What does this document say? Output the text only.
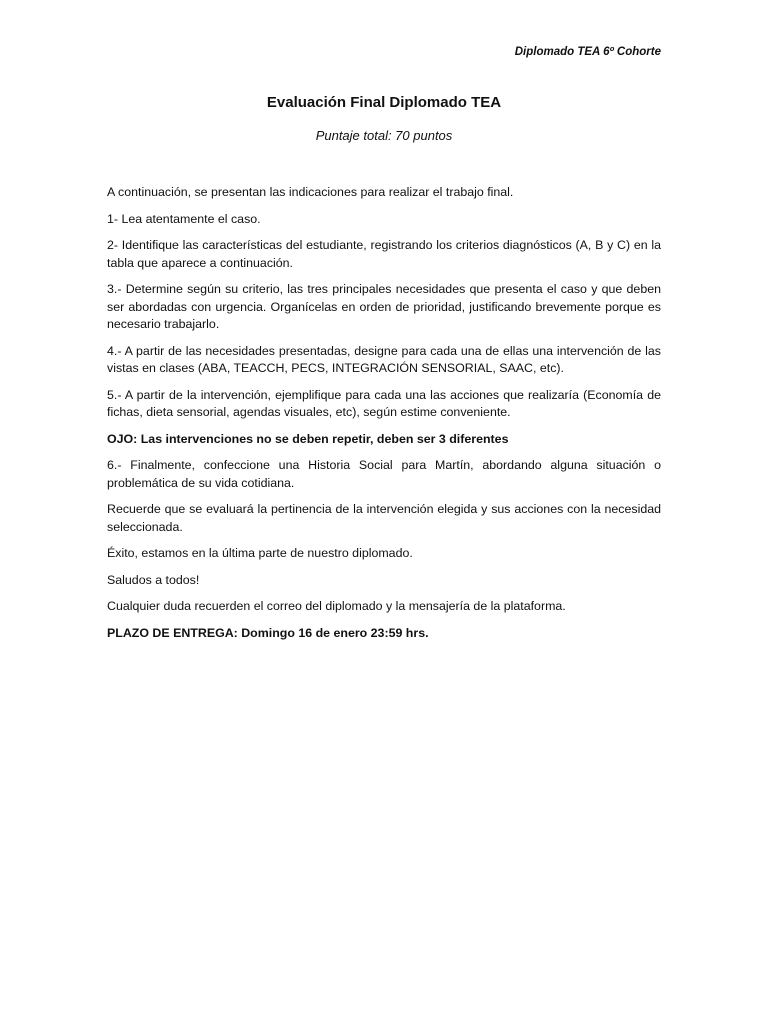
Diplomado TEA 6º Cohorte
Evaluación Final Diplomado TEA
Puntaje total: 70 puntos

A continuación, se presentan las indicaciones para realizar el trabajo final.

1- Lea atentamente el caso.

2- Identifique las características del estudiante, registrando los criterios diagnósticos (A, B y C) en la tabla que aparece a continuación.

3.- Determine según su criterio, las tres principales necesidades que presenta el caso y que deben ser abordadas con urgencia. Organícelas en orden de prioridad, justificando brevemente porque es necesario trabajarlo.

4.- A partir de las necesidades presentadas, designe para cada una de ellas una intervención de las vistas en clases (ABA, TEACCH, PECS, INTEGRACIÓN SENSORIAL, SAAC, etc).

5.- A partir de la intervención, ejemplifique para cada una las acciones que realizaría (Economía de fichas, dieta sensorial, agendas visuales, etc), según estime conveniente.

OJO: Las intervenciones no se deben repetir, deben ser 3 diferentes

6.- Finalmente, confeccione una Historia Social para Martín, abordando alguna situación o problemática de su vida cotidiana.

Recuerde que se evaluará la pertinencia de la intervención elegida y sus acciones con la necesidad seleccionada.

Éxito, estamos en la última parte de nuestro diplomado.

Saludos a todos!

Cualquier duda recuerden el correo del diplomado y la mensajería de la plataforma.

PLAZO DE ENTREGA: Domingo 16 de enero 23:59 hrs.
